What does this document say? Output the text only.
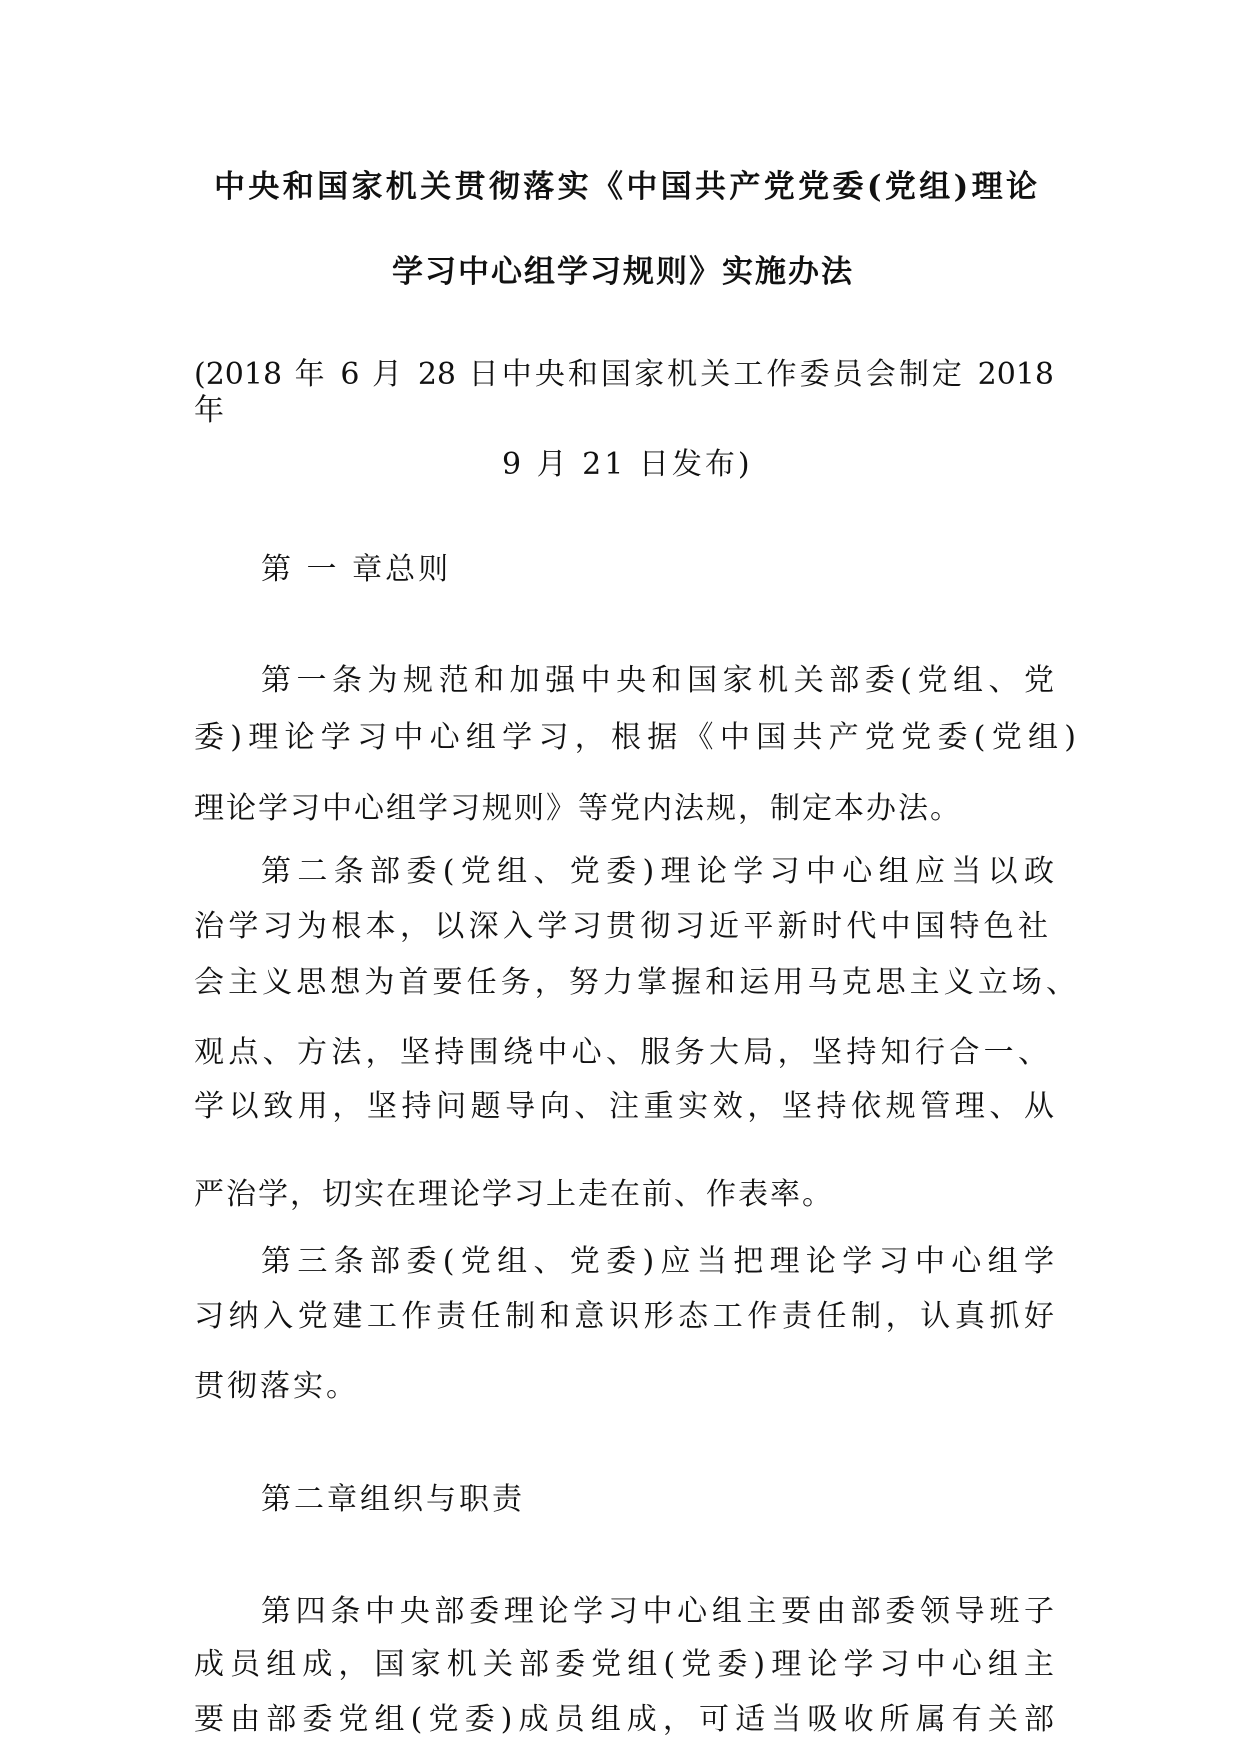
中央和国家机关贯彻落实《中国共产党党委(党组)理论
学习中心组学习规则》实施办法
(2018 年 6 月 28 日中央和国家机关工作委员会制定 2018
年
9 月 21 日发布)
第 一 章总则
第一条为规范和加强中央和国家机关部委(党组、党
委)理论学习中心组学习，根据《中国共产党党委(党组)
理论学习中心组学习规则》等党内法规，制定本办法。
第二条部委(党组、党委)理论学习中心组应当以政
治学习为根本，以深入学习贯彻习近平新时代中国特色社
会主义思想为首要任务，努力掌握和运用马克思主义立场、
观点、方法，坚持围绕中心、服务大局，坚持知行合一、
学以致用，坚持问题导向、注重实效，坚持依规管理、从
严治学，切实在理论学习上走在前、作表率。
第三条部委(党组、党委)应当把理论学习中心组学
习纳入党建工作责任制和意识形态工作责任制，认真抓好
贯彻落实。
第二章组织与职责
第四条中央部委理论学习中心组主要由部委领导班子
成员组成，国家机关部委党组(党委)理论学习中心组主
要由部委党组(党委)成员组成，可适当吸收所属有关部
